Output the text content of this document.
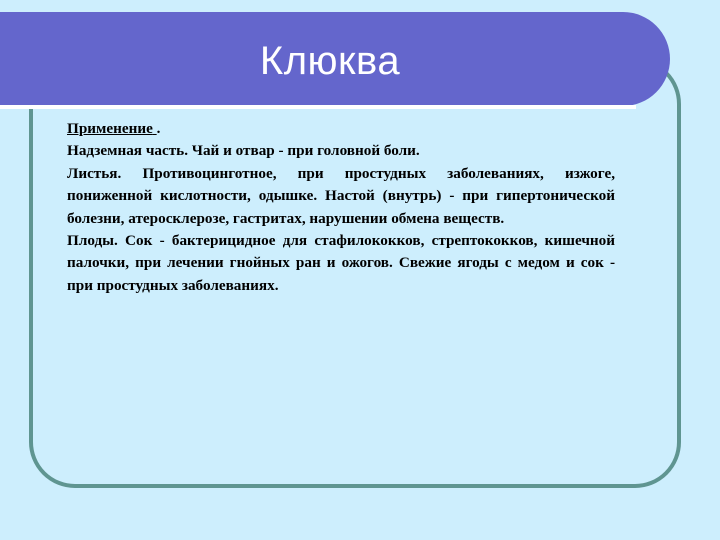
Клюква

Применение .

Надземная часть. Чай и отвар - при головной боли.

Листья. Противоцинготное, при простудных заболеваниях, изжоге, пониженной кислотности, одышке. Настой (внутрь) - при гипертонической болезни, атеросклерозе, гастритах, нарушении обмена веществ.

Плоды. Сок - бактерицидное для стафилококков, стрептококков, кишечной палочки, при лечении гнойных ран и ожогов. Свежие ягоды с медом и сок - при простудных заболеваниях.
